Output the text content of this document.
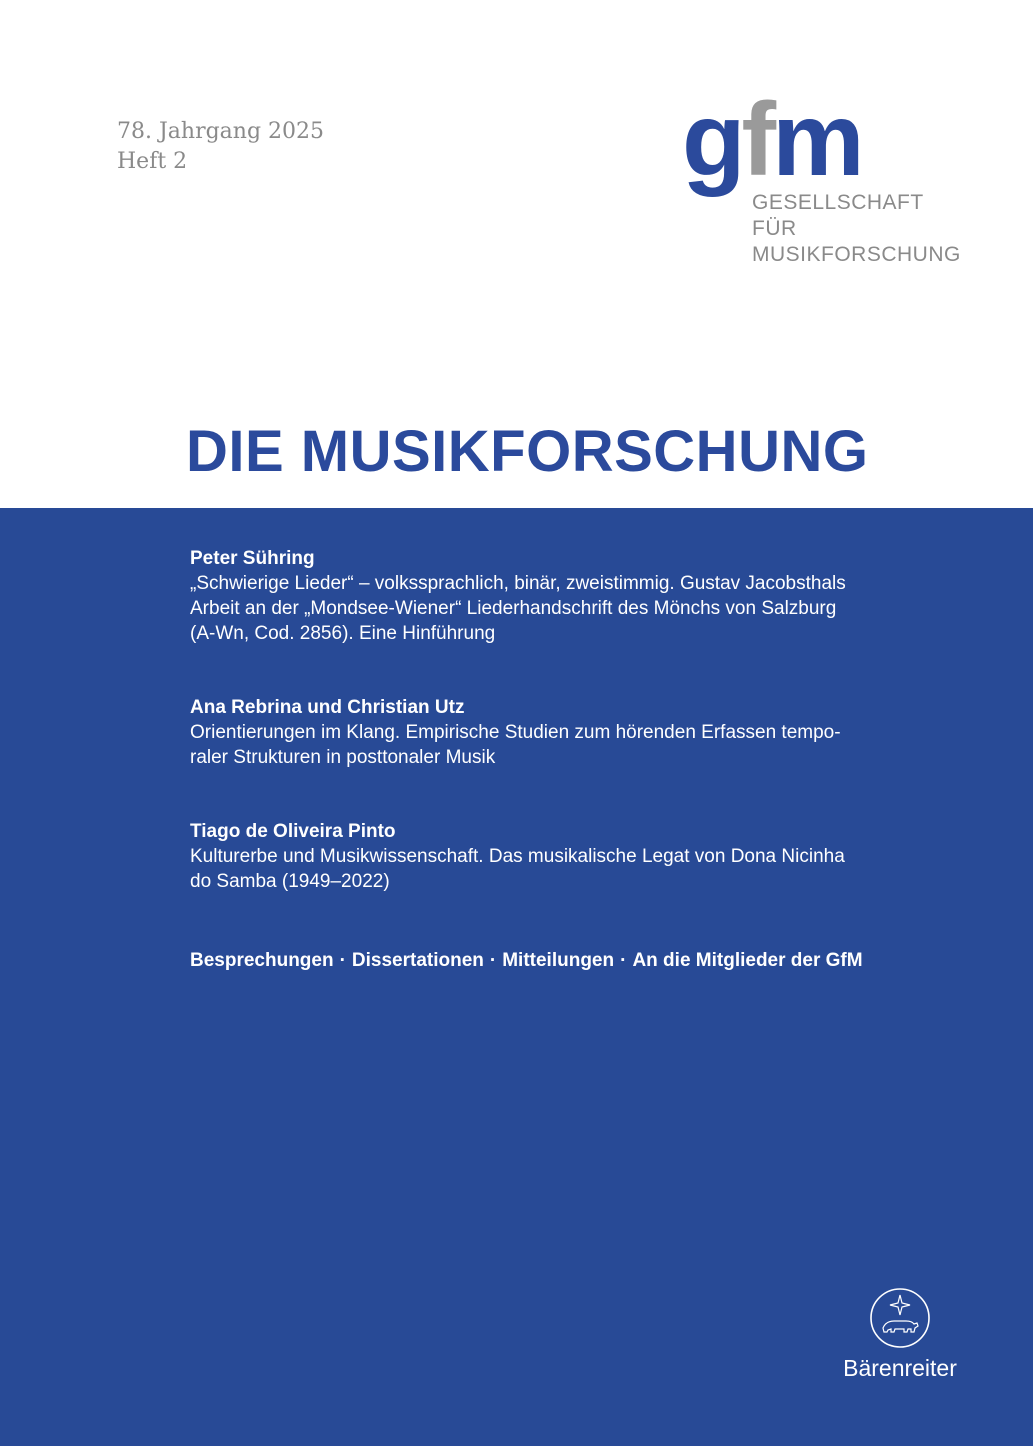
78. Jahrgang 2025
Heft 2	gfm
GESELLSCHAFT FÜR
MUSIKFORSCHUNG
DIE MUSIKFORSCHUNG
Peter Sühring
„Schwierige Lieder“ – volkssprachlich, binär, zweistimmig. Gustav Jacobsthals
Arbeit an der „Mondsee-Wiener“ Liederhandschrift des Mönchs von Salzburg
(A-Wn, Cod. 2856). Eine Hinführung
Ana Rebrina und Christian Utz
Orientierungen im Klang. Empirische Studien zum hörenden Erfassen tempo-
raler Strukturen in posttonaler Musik
Tiago de Oliveira Pinto
Kulturerbe und Musikwissenschaft. Das musikalische Legat von Dona Nicinha
do Samba (1949–2022)
Besprechungen · Dissertationen · Mitteilungen · An die Mitglieder der GfM
Bärenreiter
